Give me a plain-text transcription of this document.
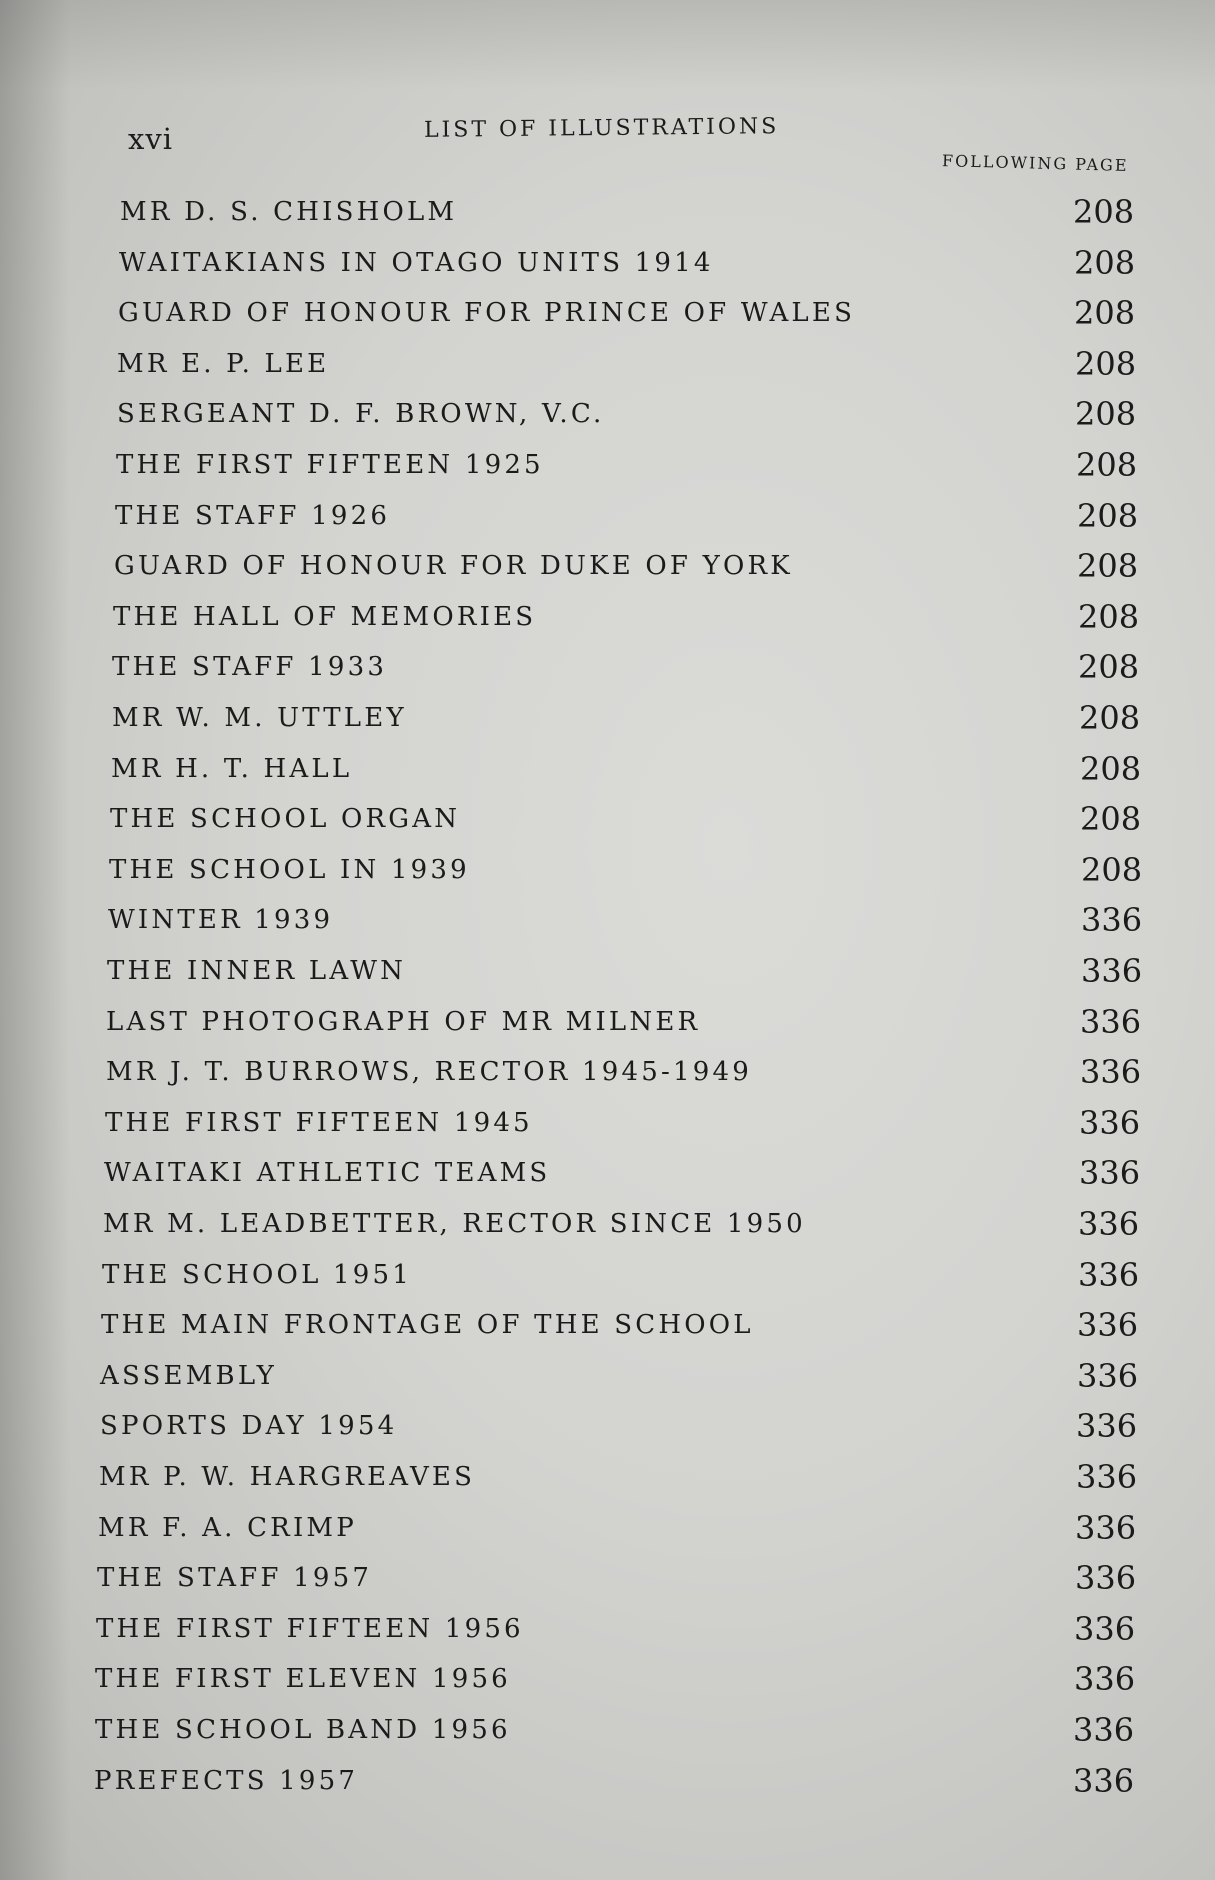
xvi	LIST OF ILLUSTRATIONS
FOLLOWING PAGE
MR D. S. CHISHOLM	208
WAITAKIANS IN OTAGO UNITS 1914	208
GUARD OF HONOUR FOR PRINCE OF WALES	208
MR E. P. LEE	208
SERGEANT D. F. BROWN, V.C.	208
THE FIRST FIFTEEN 1925	208
THE STAFF 1926	208
GUARD OF HONOUR FOR DUKE OF YORK	208
THE HALL OF MEMORIES	208
THE STAFF 1933	208
MR W. M. UTTLEY	208
MR H. T. HALL	208
THE SCHOOL ORGAN	208
THE SCHOOL IN 1939	208
WINTER 1939	336
THE INNER LAWN	336
LAST PHOTOGRAPH OF MR MILNER	336
MR J. T. BURROWS, RECTOR 1945-1949	336
THE FIRST FIFTEEN 1945	336
WAITAKI ATHLETIC TEAMS	336
MR M. LEADBETTER, RECTOR SINCE 1950	336
THE SCHOOL 1951	336
THE MAIN FRONTAGE OF THE SCHOOL	336
ASSEMBLY	336
SPORTS DAY 1954	336
MR P. W. HARGREAVES	336
MR F. A. CRIMP	336
THE STAFF 1957	336
THE FIRST FIFTEEN 1956	336
THE FIRST ELEVEN 1956	336
THE SCHOOL BAND 1956	336
PREFECTS 1957	336
